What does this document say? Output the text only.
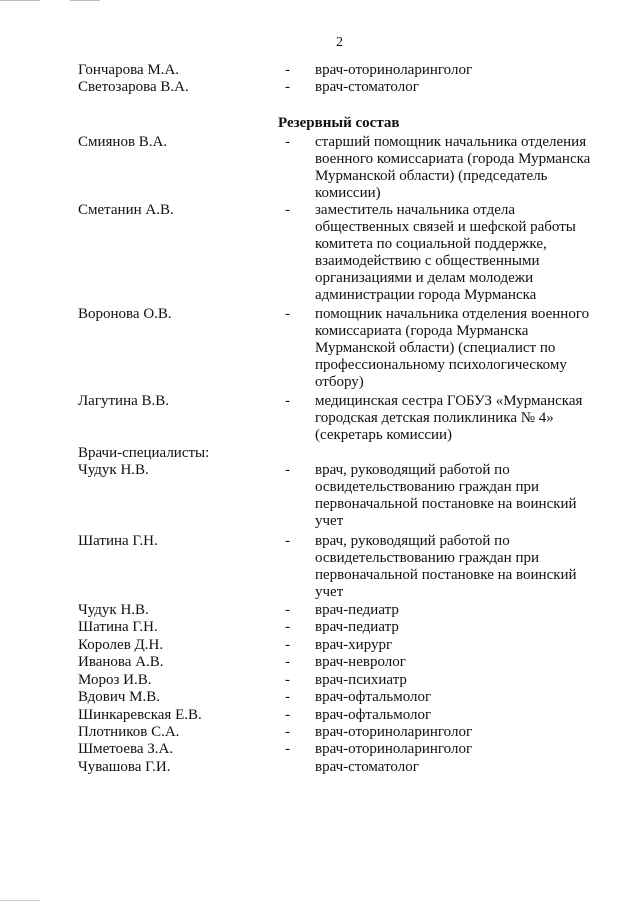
2
Гончарова М.А.	- врач-оториноларинголог
Светозарова В.А.	- врач-стоматолог
Резервный состав
Смиянов В.А.	- старший помощник начальника отделения военного комиссариата (города Мурманска Мурманской области) (председатель комиссии)
Сметанин А.В.	- заместитель начальника отдела общественных связей и шефской работы комитета по социальной поддержке, взаимодействию с общественными организациями и делам молодежи администрации города Мурманска
Воронова О.В.	- помощник начальника отделения военного комиссариата (города Мурманска Мурманской области) (специалист по профессиональному психологическому отбору)
Лагутина В.В.	- медицинская сестра ГОБУЗ «Мурманская городская детская поликлиника № 4» (секретарь комиссии)
Врачи-специалисты:
Чудук Н.В.	- врач, руководящий работой по освидетельствованию граждан при первоначальной постановке на воинский учет
Шатина Г.Н.	- врач, руководящий работой по освидетельствованию граждан при первоначальной постановке на воинский учет
Чудук Н.В.	- врач-педиатр
Шатина Г.Н.	- врач-педиатр
Королев Д.Н.	- врач-хирург
Иванова А.В.	- врач-невролог
Мороз И.В.	- врач-психиатр
Вдович М.В.	- врач-офтальмолог
Шинкаревская Е.В.	- врач-офтальмолог
Плотников С.А.	- врач-оториноларинголог
Шметоева З.А.	- врач-оториноларинголог
Чувашова Г.И.	врач-стоматолог
